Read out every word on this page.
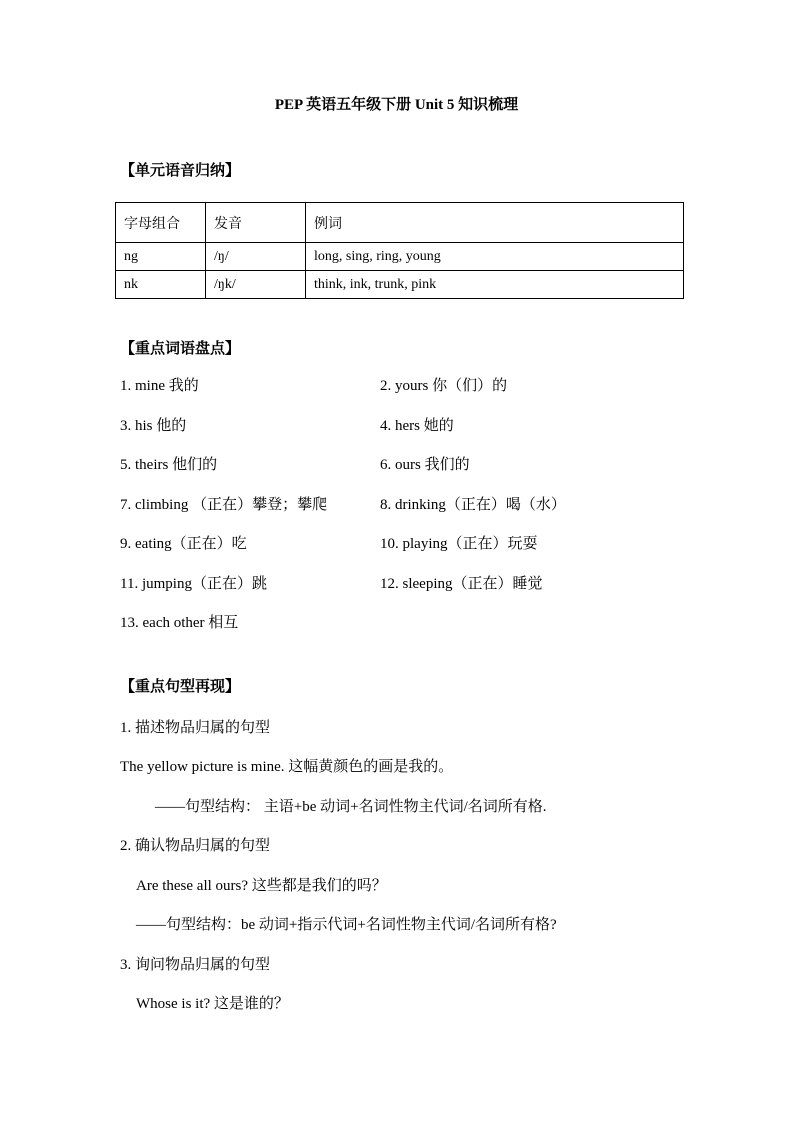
PEP 英语五年级下册 Unit 5 知识梳理
【单元语音归纳】
字母组合	发音	例词
ng	/ŋ/	long, sing, ring, young
nk	/ŋk/	think, ink, trunk, pink
【重点词语盘点】
1. mine 我的	2. yours 你（们）的
3. his 他的	4. hers 她的
5. theirs 他们的	6. ours 我们的
7. climbing （正在）攀登；攀爬	8. drinking（正在）喝（水）
9. eating（正在）吃	10. playing（正在）玩耍
11. jumping（正在）跳	12. sleeping（正在）睡觉
13. each other 相互
【重点句型再现】

1. 描述物品归属的句型

The yellow picture is mine. 这幅黄颜色的画是我的。

——句型结构： 主语+be 动词+名词性物主代词/名词所有格.

2. 确认物品归属的句型

Are these all ours? 这些都是我们的吗？

——句型结构：be 动词+指示代词+名词性物主代词/名词所有格?

3. 询问物品归属的句型

Whose is it? 这是谁的？
